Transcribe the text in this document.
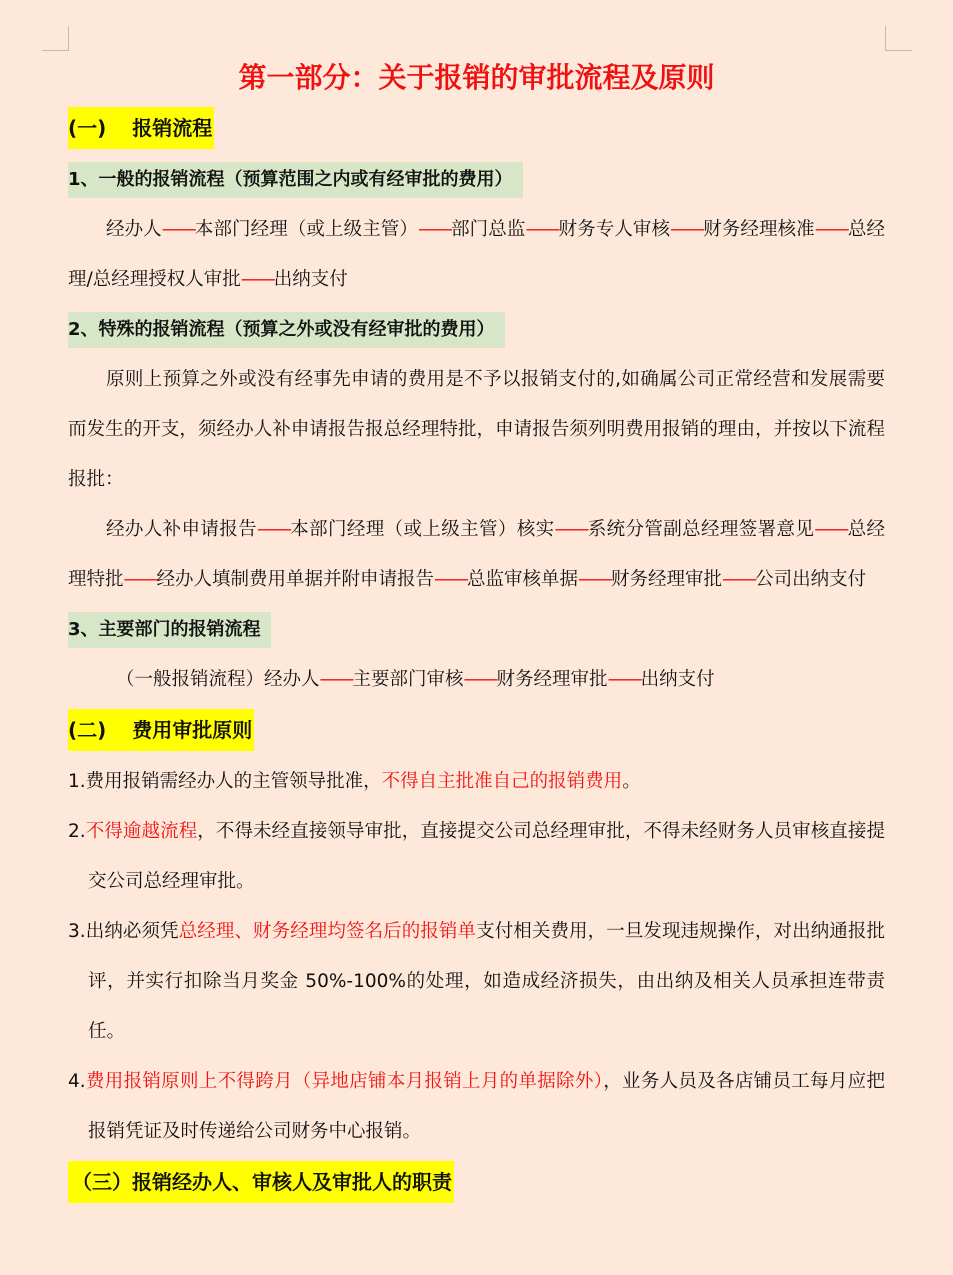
第一部分：关于报销的审批流程及原则
(一) 报销流程
1、一般的报销流程（预算范围之内或有经审批的费用）
经办人——本部门经理（或上级主管）——部门总监——财务专人审核——财务经理核准——总经理/总经理授权人审批——出纳支付
2、特殊的报销流程（预算之外或没有经审批的费用）
原则上预算之外或没有经事先申请的费用是不予以报销支付的,如确属公司正常经营和发展需要而发生的开支，须经办人补申请报告报总经理特批，申请报告须列明费用报销的理由，并按以下流程报批：
经办人补申请报告——本部门经理（或上级主管）核实——系统分管副总经理签署意见——总经理特批——经办人填制费用单据并附申请报告——总监审核单据——财务经理审批——公司出纳支付
3、主要部门的报销流程
（一般报销流程）经办人——主要部门审核——财务经理审批——出纳支付
(二) 费用审批原则
1.费用报销需经办人的主管领导批准，不得自主批准自己的报销费用。
2.不得逾越流程，不得未经直接领导审批，直接提交公司总经理审批，不得未经财务人员审核直接提交公司总经理审批。
3.出纳必须凭总经理、财务经理均签名后的报销单支付相关费用，一旦发现违规操作，对出纳通报批评，并实行扣除当月奖金 50%-100%的处理，如造成经济损失，由出纳及相关人员承担连带责任。
4.费用报销原则上不得跨月（异地店铺本月报销上月的单据除外），业务人员及各店铺员工每月应把报销凭证及时传递给公司财务中心报销。
（三）报销经办人、审核人及审批人的职责
